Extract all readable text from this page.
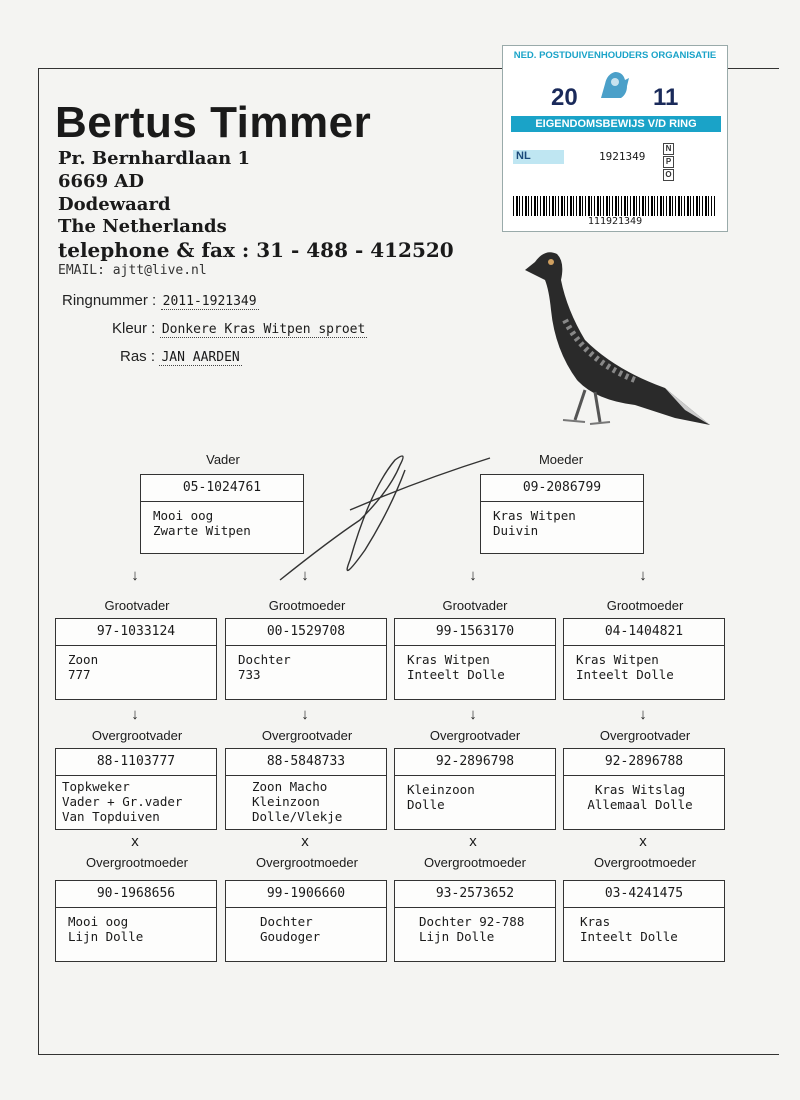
Bertus Timmer
Pr. Bernhardlaan 1
6669 AD
Dodewaard
The Netherlands
telephone & fax : 31 - 488 - 412520
EMAIL: ajtt@live.nl
Ringnummer : 2011-1921349
Kleur : Donkere Kras Witpen sproet
Ras : JAN AARDEN
NED. POSTDUIVENHOUDERS ORGANISATIE
20	11
EIGENDOMSBEWIJS V/D RING
NL	1921349
N
P
O
111921349
Vader
05-1024761
Mooi oog
Zwarte Witpen
Moeder
09-2086799
Kras Witpen
Duivin
↓	↓	↓	↓
Grootvader	Grootmoeder	Grootvader	Grootmoeder
97-1033124
Zoon
777
00-1529708
Dochter
733
99-1563170
Kras Witpen
Inteelt Dolle
04-1404821
Kras Witpen
Inteelt Dolle
↓	↓	↓	↓
Overgrootvader	Overgrootvader	Overgrootvader	Overgrootvader
88-1103777
Topkweker
Vader + Gr.vader
Van Topduiven
88-5848733
Zoon Macho
Kleinzoon
Dolle/Vlekje
92-2896798
Kleinzoon
Dolle
92-2896788
Kras Witslag
Allemaal Dolle
x	x	x	x
Overgrootmoeder	Overgrootmoeder	Overgrootmoeder	Overgrootmoeder
90-1968656
Mooi oog
Lijn Dolle
99-1906660
Dochter
Goudoger
93-2573652
Dochter 92-788
Lijn Dolle
03-4241475
Kras
Inteelt Dolle
